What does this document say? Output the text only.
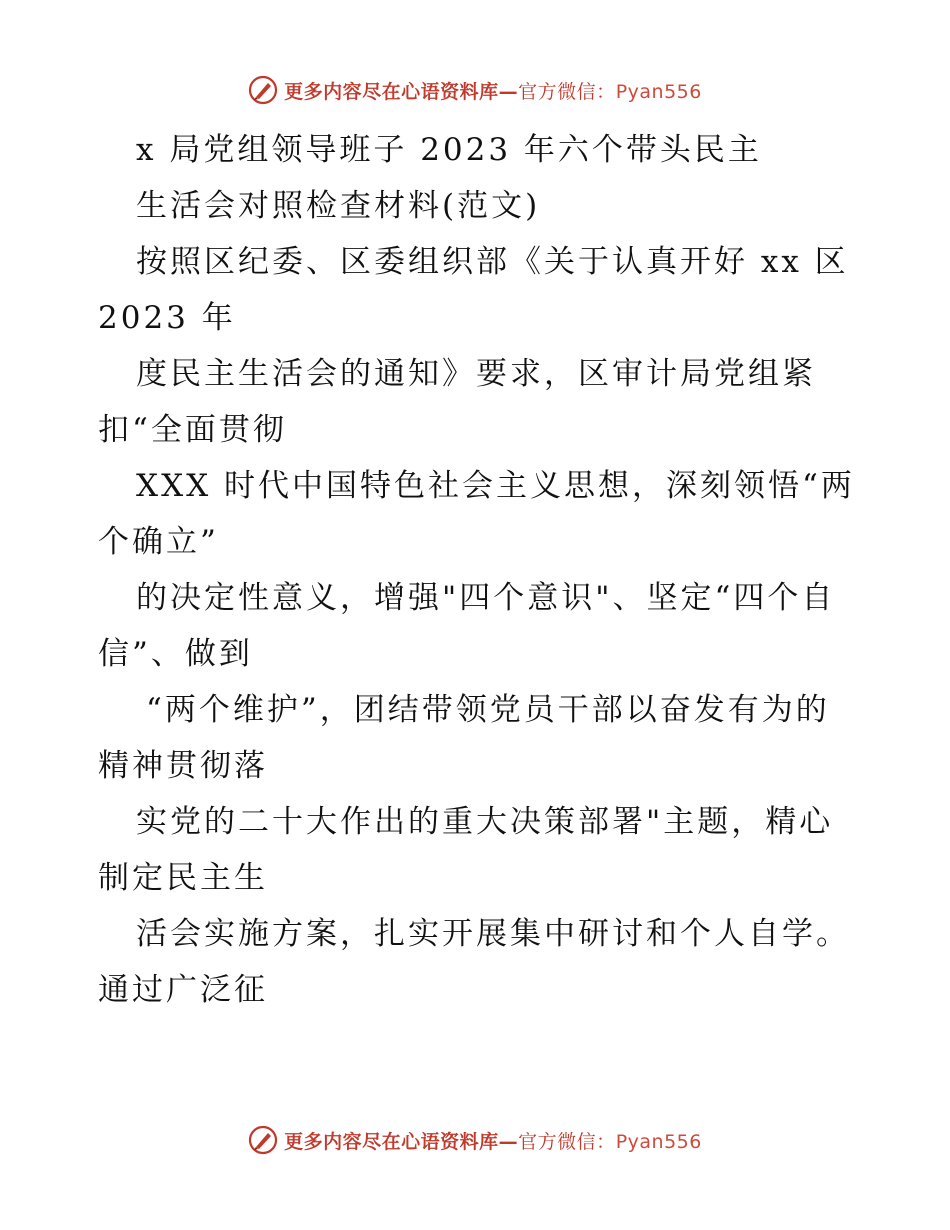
更多内容尽在心语资料库—官方微信：Pyan556
x 局党组领导班子 2023 年六个带头民主
生活会对照检查材料(范文)
按照区纪委、区委组织部《关于认真开好 xx 区
2023 年
度民主生活会的通知》要求，区审计局党组紧
扣“全面贯彻
XXX 时代中国特色社会主义思想，深刻领悟“两
个确立”
的决定性意义，增强"四个意识"、坚定“四个自
信”、做到
“两个维护”，团结带领党员干部以奋发有为的
精神贯彻落
实党的二十大作出的重大决策部署"主题，精心
制定民主生
活会实施方案，扎实开展集中研讨和个人自学。
通过广泛征
更多内容尽在心语资料库—官方微信：Pyan556
